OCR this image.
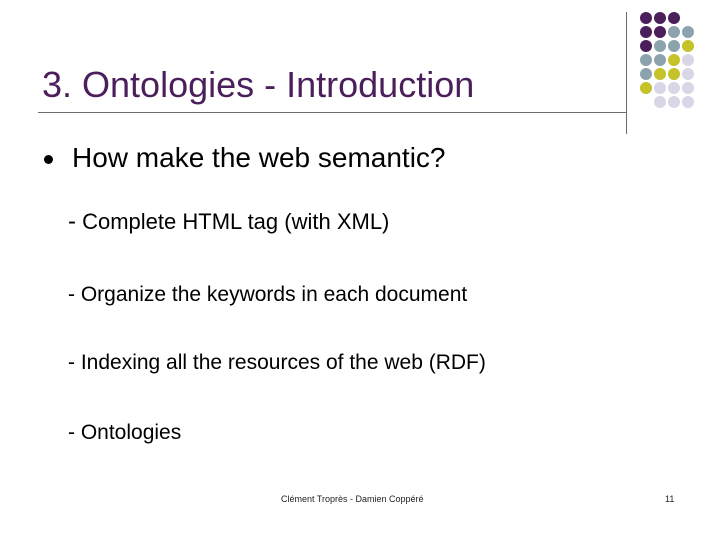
3. Ontologies - Introduction
How make the web semantic?
- Complete HTML tag (with XML)
- Organize the keywords in each document
- Indexing all the resources of the web (RDF)
- Ontologies
Clément Troprès - Damien Coppéré	11
